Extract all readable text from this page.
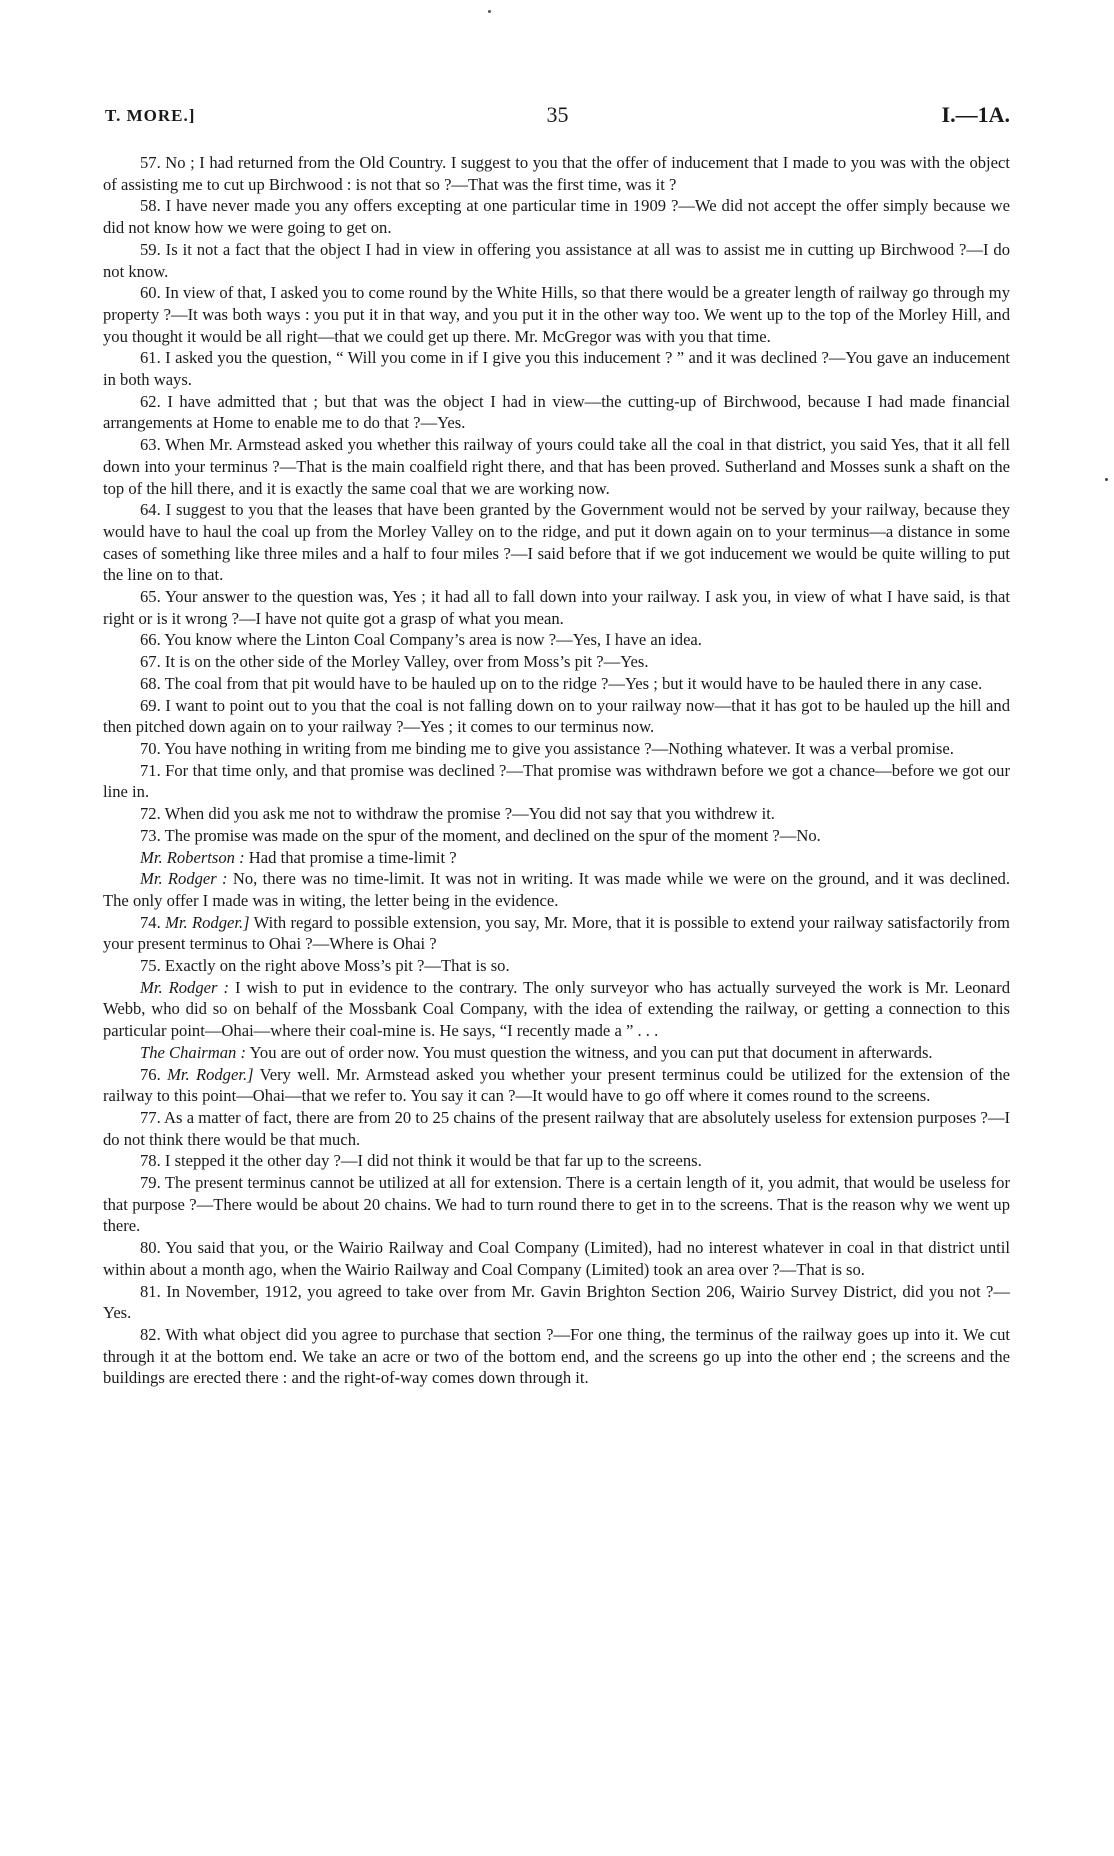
T. MORE.]	35	I.—1A.

57. No ; I had returned from the Old Country. I suggest to you that the offer of inducement that I made to you was with the object of assisting me to cut up Birchwood : is not that so ?—That was the first time, was it ?

58. I have never made you any offers excepting at one particular time in 1909 ?—We did not accept the offer simply because we did not know how we were going to get on.

59. Is it not a fact that the object I had in view in offering you assistance at all was to assist me in cutting up Birchwood ?—I do not know.

60. In view of that, I asked you to come round by the White Hills, so that there would be a greater length of railway go through my property ?—It was both ways : you put it in that way, and you put it in the other way too. We went up to the top of the Morley Hill, and you thought it would be all right—that we could get up there. Mr. McGregor was with you that time.

61. I asked you the question, “ Will you come in if I give you this inducement ? ” and it was declined ?—You gave an inducement in both ways.

62. I have admitted that ; but that was the object I had in view—the cutting-up of Birchwood, because I had made financial arrangements at Home to enable me to do that ?—Yes.

63. When Mr. Armstead asked you whether this railway of yours could take all the coal in that district, you said Yes, that it all fell down into your terminus ?—That is the main coalfield right there, and that has been proved. Sutherland and Mosses sunk a shaft on the top of the hill there, and it is exactly the same coal that we are working now.

64. I suggest to you that the leases that have been granted by the Government would not be served by your railway, because they would have to haul the coal up from the Morley Valley on to the ridge, and put it down again on to your terminus—a distance in some cases of something like three miles and a half to four miles ?—I said before that if we got inducement we would be quite willing to put the line on to that.

65. Your answer to the question was, Yes ; it had all to fall down into your railway. I ask you, in view of what I have said, is that right or is it wrong ?—I have not quite got a grasp of what you mean.

66. You know where the Linton Coal Company’s area is now ?—Yes, I have an idea.

67. It is on the other side of the Morley Valley, over from Moss’s pit ?—Yes.

68. The coal from that pit would have to be hauled up on to the ridge ?—Yes ; but it would have to be hauled there in any case.

69. I want to point out to you that the coal is not falling down on to your railway now—that it has got to be hauled up the hill and then pitched down again on to your railway ?—Yes ; it comes to our terminus now.

70. You have nothing in writing from me binding me to give you assistance ?—Nothing whatever. It was a verbal promise.

71. For that time only, and that promise was declined ?—That promise was withdrawn before we got a chance—before we got our line in.

72. When did you ask me not to withdraw the promise ?—You did not say that you withdrew it.

73. The promise was made on the spur of the moment, and declined on the spur of the moment ?—No.

Mr. Robertson : Had that promise a time-limit ?

Mr. Rodger : No, there was no time-limit. It was not in writing. It was made while we were on the ground, and it was declined. The only offer I made was in witing, the letter being in the evidence.

74. Mr. Rodger.] With regard to possible extension, you say, Mr. More, that it is possible to extend your railway satisfactorily from your present terminus to Ohai ?—Where is Ohai ?

75. Exactly on the right above Moss’s pit ?—That is so.

Mr. Rodger : I wish to put in evidence to the contrary. The only surveyor who has actually surveyed the work is Mr. Leonard Webb, who did so on behalf of the Mossbank Coal Company, with the idea of extending the railway, or getting a connection to this particular point—Ohai—where their coal-mine is. He says, “I recently made a ” . . .

The Chairman : You are out of order now. You must question the witness, and you can put that document in afterwards.

76. Mr. Rodger.] Very well. Mr. Armstead asked you whether your present terminus could be utilized for the extension of the railway to this point—Ohai—that we refer to. You say it can ?—It would have to go off where it comes round to the screens.

77. As a matter of fact, there are from 20 to 25 chains of the present railway that are absolutely useless for extension purposes ?—I do not think there would be that much.

78. I stepped it the other day ?—I did not think it would be that far up to the screens.

79. The present terminus cannot be utilized at all for extension. There is a certain length of it, you admit, that would be useless for that purpose ?—There would be about 20 chains. We had to turn round there to get in to the screens. That is the reason why we went up there.

80. You said that you, or the Wairio Railway and Coal Company (Limited), had no interest whatever in coal in that district until within about a month ago, when the Wairio Railway and Coal Company (Limited) took an area over ?—That is so.

81. In November, 1912, you agreed to take over from Mr. Gavin Brighton Section 206, Wairio Survey District, did you not ?—Yes.

82. With what object did you agree to purchase that section ?—For one thing, the terminus of the railway goes up into it. We cut through it at the bottom end. We take an acre or two of the bottom end, and the screens go up into the other end ; the screens and the buildings are erected there : and the right-of-way comes down through it.
